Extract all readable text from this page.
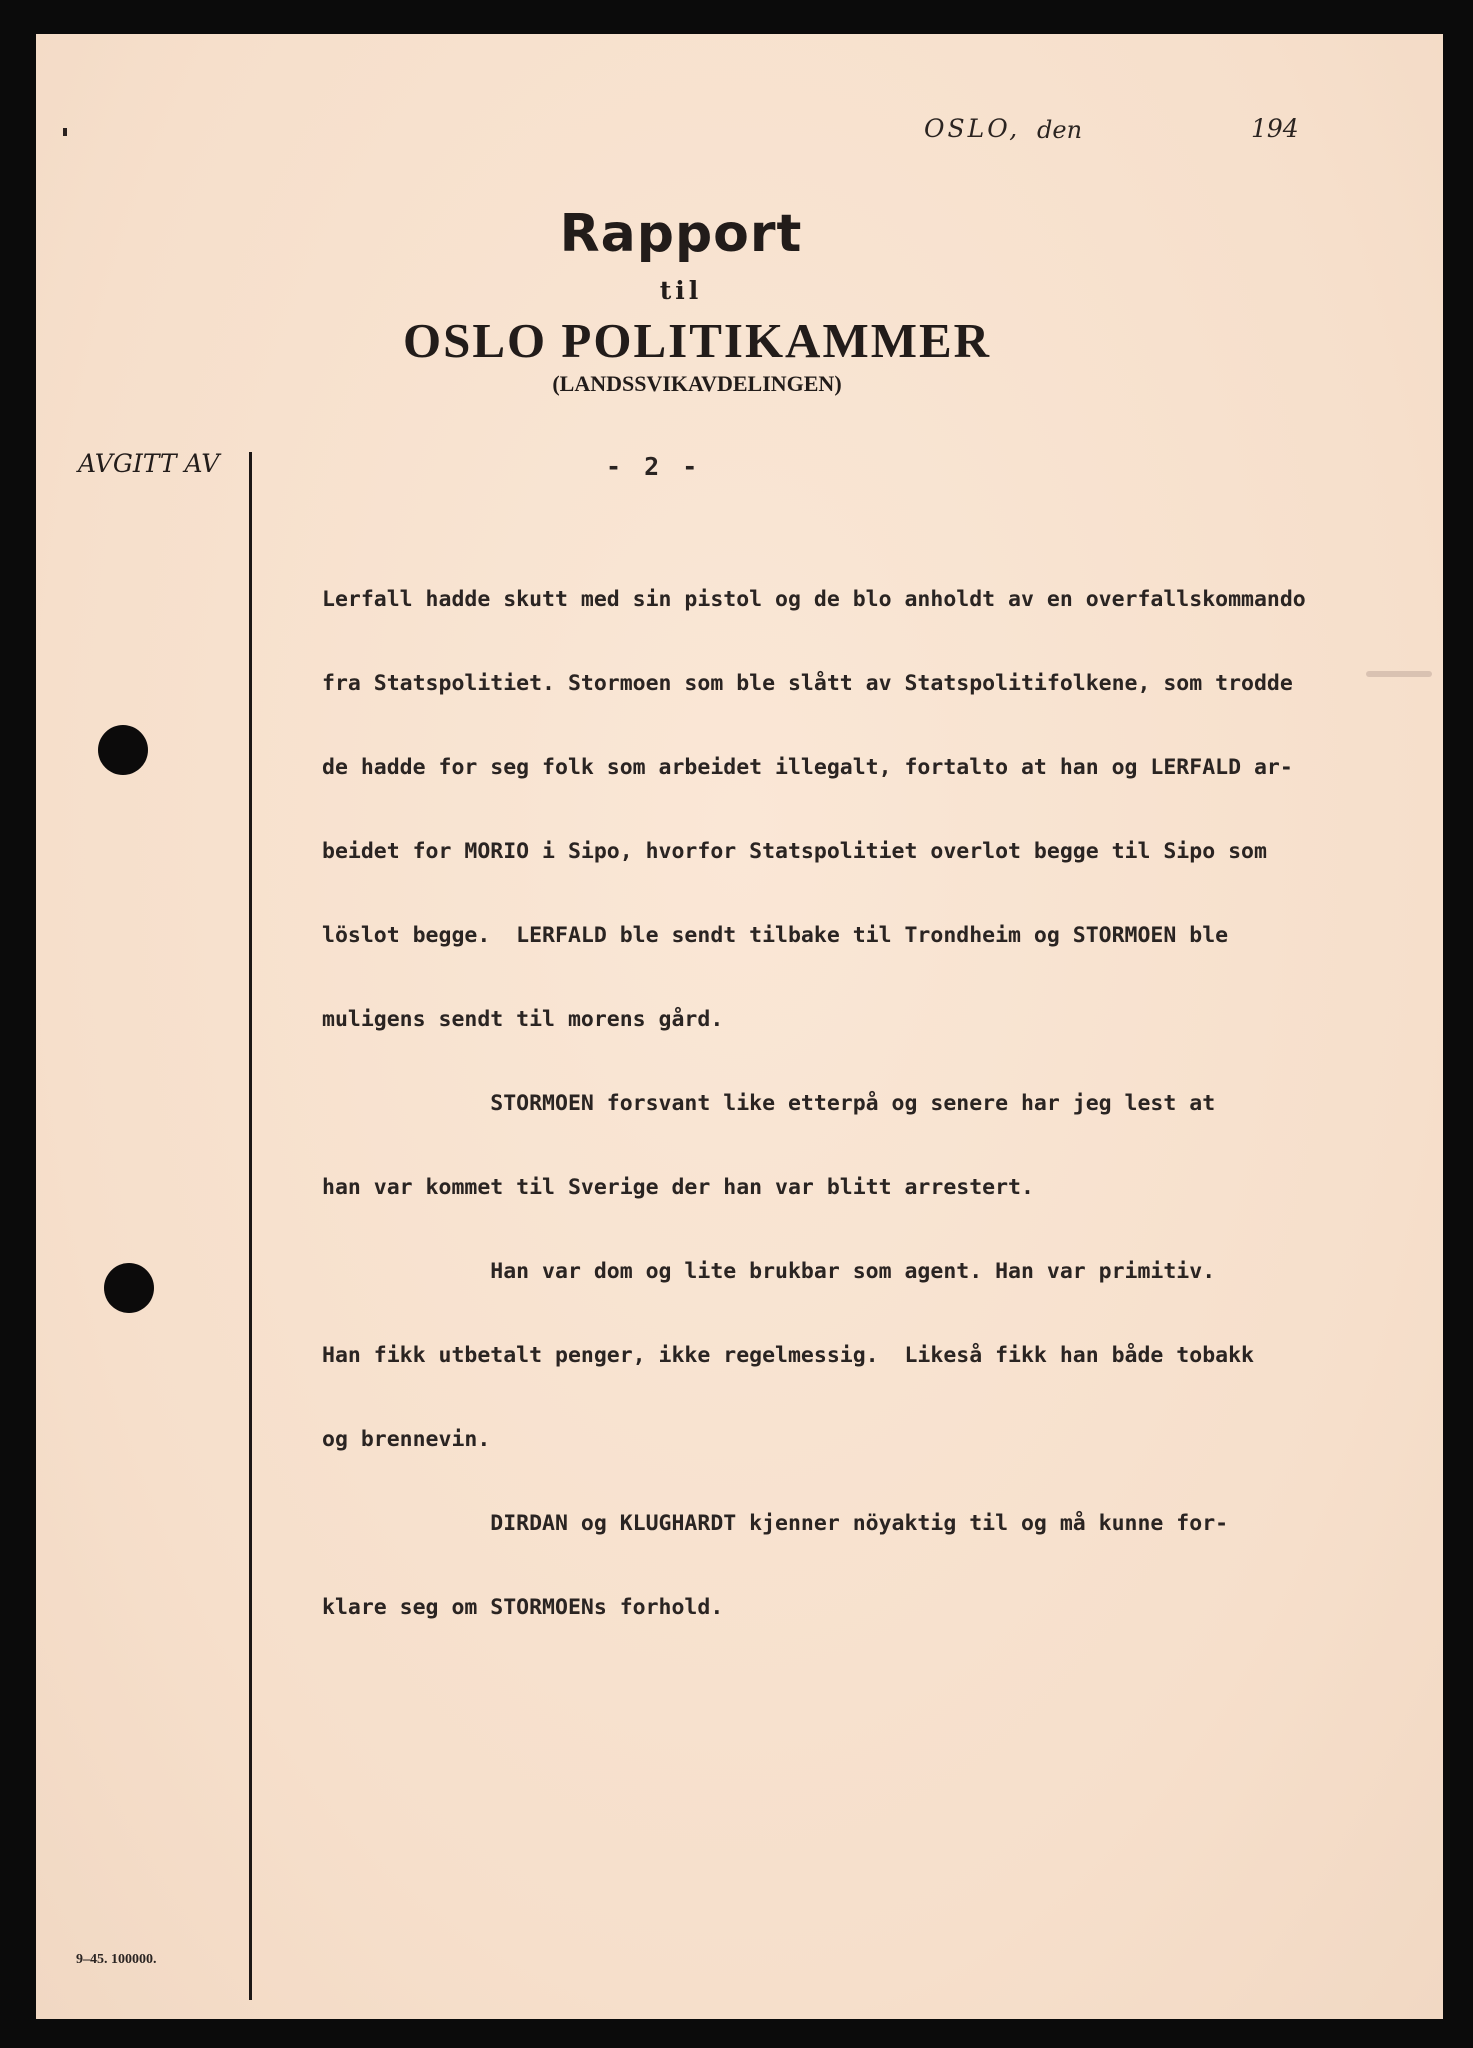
OSLO, den	194
Rapport
til
OSLO POLITIKAMMER
(LANDSSVIKAVDELINGEN)
AVGITT AV	- 2 -

Lerfall hadde skutt med sin pistol og de blo anholdt av en overfallskommando

fra Statspolitiet. Stormoen som ble slått av Statspolitifolkene, som trodde

de hadde for seg folk som arbeidet illegalt, fortalto at han og LERFALD ar-

beidet for MORIO i Sipo, hvorfor Statspolitiet overlot begge til Sipo som

löslot begge.  LERFALD ble sendt tilbake til Trondheim og STORMOEN ble

muligens sendt til morens gård.

STORMOEN forsvant like etterpå og senere har jeg lest at

han var kommet til Sverige der han var blitt arrestert.

Han var dom og lite brukbar som agent. Han var primitiv.

Han fikk utbetalt penger, ikke regelmessig.  Likeså fikk han både tobakk

og brennevin.

DIRDAN og KLUGHARDT kjenner nöyaktig til og må kunne for-

klare seg om STORMOENs forhold.

9–45. 100000.
